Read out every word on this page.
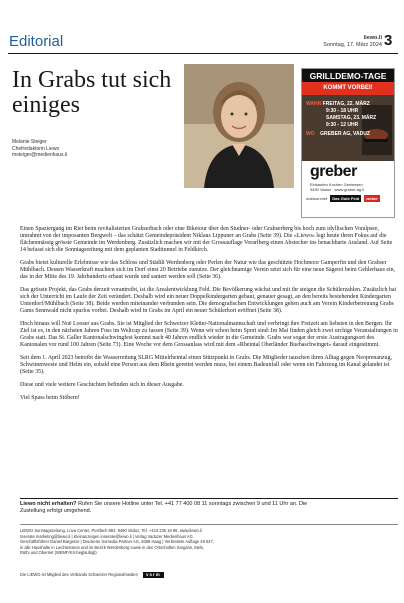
Editorial	liewo.li
Sonntag, 17. März 2024 3
In Grabs tut sich einiges
Melanie Steiger
Chefredaktorin Liewo
msteiger@medienhaus.li
GRILLDEMO-TAGE
KOMMT VORBEI!
WANN FREITAG, 22. MÄRZ
9:30 - 18 UHR
SAMSTAG, 23. MÄRZ
9:30 - 12 UHR
WO GREBER AG, VADUZ
greber
Einkaufen Kochen Geniessen
9490 Vaduz · www.greber.ag.li
outdoorchef Das Gute Feld weber

Einen Spaziergang im Riet beim revitalisierten Grabserbach oder eine Biketour über den Studner- oder Grabserberg bis hoch zum idyllischen Voralpsee, umrahmt von der imposanten Bergwelt – das schätzt Gemeindepräsident Niklaus Lippuner an Grabs (Seite 39). Die «Liewo» legt heute ihren Fokus auf die flächenmässig grösste Gemeinde im Werdenberg. Zusätzlich machen wir mit der Grossauflage Vorarlberg einen Abstecher ins benachbarte Ausland. Auf Seite 14 befasst sich die Sonntagsreitung mit dem geplanten Stadttunnel in Feldkirch.

Grabs bietet kulturelle Erlebnisse wie das Schloss und Städtli Werdenberg oder Perlen der Natur wie das geschützte Hochmoor Gamperfin und den Grabser Mühlbach. Dessen Wasserkraft machten sich im Dorf einst 20 Betriebe zunutze. Der gleichnamige Verein setzt sich für eine neue Sägerei beim Gehlerhaus ein, das in der Mitte des 19. Jahrhunderts erbaut wurde und saniert werden soll (Seite 36).

Das grösste Projekt, das Grabs derzeit vorantreibt, ist die Arealentwicklung Feld. Die Bevölkerung wächst und mit ihr steigen die Schülerzahlen. Zusätzlich hat sich der Unterricht im Laufe der Zeit verändert. Deshalb wird ein neuer Doppelkindergarten gebaut, genauer gesagt, an den bereits bestehenden Kindergarten Unterdorf/Mühlbach (Seite 38). Beide werden miteinander verbunden sein. Die demografischen Entwicklungen gehen auch am Verein Kinderbetreuung Grabs Gams Sennwald nicht spurlos vorbei. Deshalb wird in Grabs im April ein neuer Schülerhort eröffnet (Seite 38).

Hoch hinaus will Noë Looser aus Grabs. Sie ist Mitglied der Schweizer Kletter-Nationalmannschaft und verbringt ihre Freizeit am liebsten in den Bergen. Ihr Ziel ist es, in den nächsten Jahren Fuss im Weltcup zu fassen (Seite 39). Wenn wir schon beim Sport sind: Im Mai finden gleich zwei urchige Veranstaltungen in Grabs statt. Das St. Galler Kantonalschwingfest kommt nach 40 Jahren endlich wieder in die Gemeinde. Grabs war sogar der erste Austragungsort des Kantonalen vor rund 100 Jahren (Seite 73). Eine Woche vor dem Grossanlass wird mit dem «Rheintal Oberländer Buebaschwinget» darauf eingestimmt.

Seit dem 1. April 2023 betreibt die Wasserrettung SLRG Mittelrheintal einen Stützpunkt in Grabs. Die Mitglieder tauschen ihren Alltag gegen Neoprenanzug, Schwimmweste und Helm ein, sobald eine Person aus dem Rhein gerettet werden muss, bei einem Badeunfall oder wenn ein Fahrzeug im Kanal gelandet ist (Seite 35).

Diese und viele weitere Geschichten befinden sich in dieser Ausgabe.

Viel Spass beim Stöbern!

Liewo nicht erhalten? Rufen Sie unsere Hotline unter Tel. +41 77 400 08 11 sonntags zwischen 9 und 11 Uhr an. Die Zustellung erfolgt umgehend.
LIEWO Sonntagszeitung, Lova Center, Postfach 884, 9490 Vaduz, Tel. +423 236 16 96, www.liewo.li
Inserate marketing@liewo.li | Kleinanzeigen inserate@liewo.li | Verlag Vaduzer Medienhaus AG
Geschäftsführer Daniel Bargetze | Druckerei Somedia Partner AG, 9469 Haag | Verbreitete Auflage 49 647,
in alle Haushalte in Liechtenstein und im Bezirk Werdenberg sowie in den Ortschaften Sargans, Mels,
Rüthi und Oberriet (WEMF/KS-beglaubigt)
Die LIEWO ist Mitglied des Verbands Schweizer Regionalmedien vsrm
